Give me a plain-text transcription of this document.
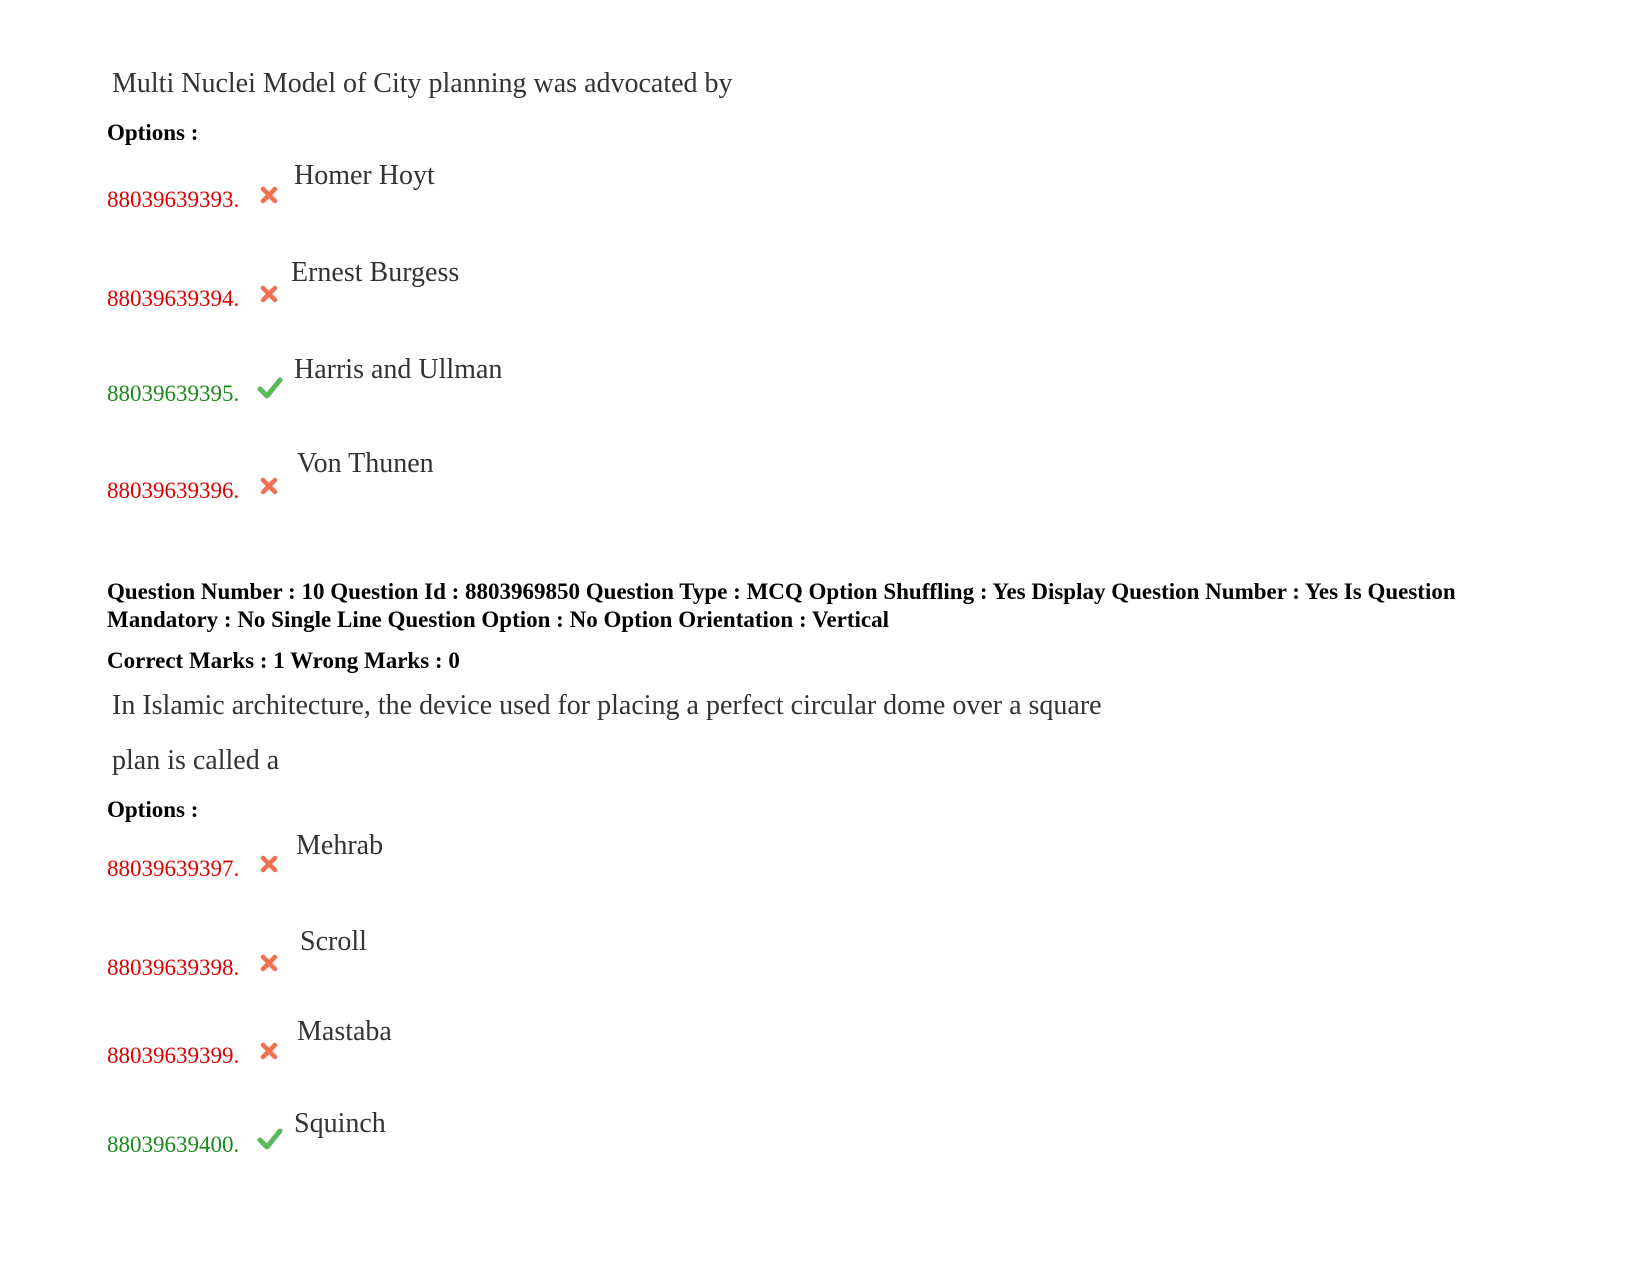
Multi Nuclei Model of City planning was advocated by
Options :
88039639393.
Homer Hoyt
88039639394.
Ernest Burgess
88039639395.
Harris and Ullman
88039639396.
Von Thunen
Question Number : 10 Question Id : 8803969850 Question Type : MCQ Option Shuffling : Yes Display Question Number : Yes Is Question Mandatory : No Single Line Question Option : No Option Orientation : Vertical
Correct Marks : 1 Wrong Marks : 0
In Islamic architecture, the device used for placing a perfect circular dome over a square
plan is called a
Options :
88039639397.
Mehrab
88039639398.
Scroll
88039639399.
Mastaba
88039639400.
Squinch
